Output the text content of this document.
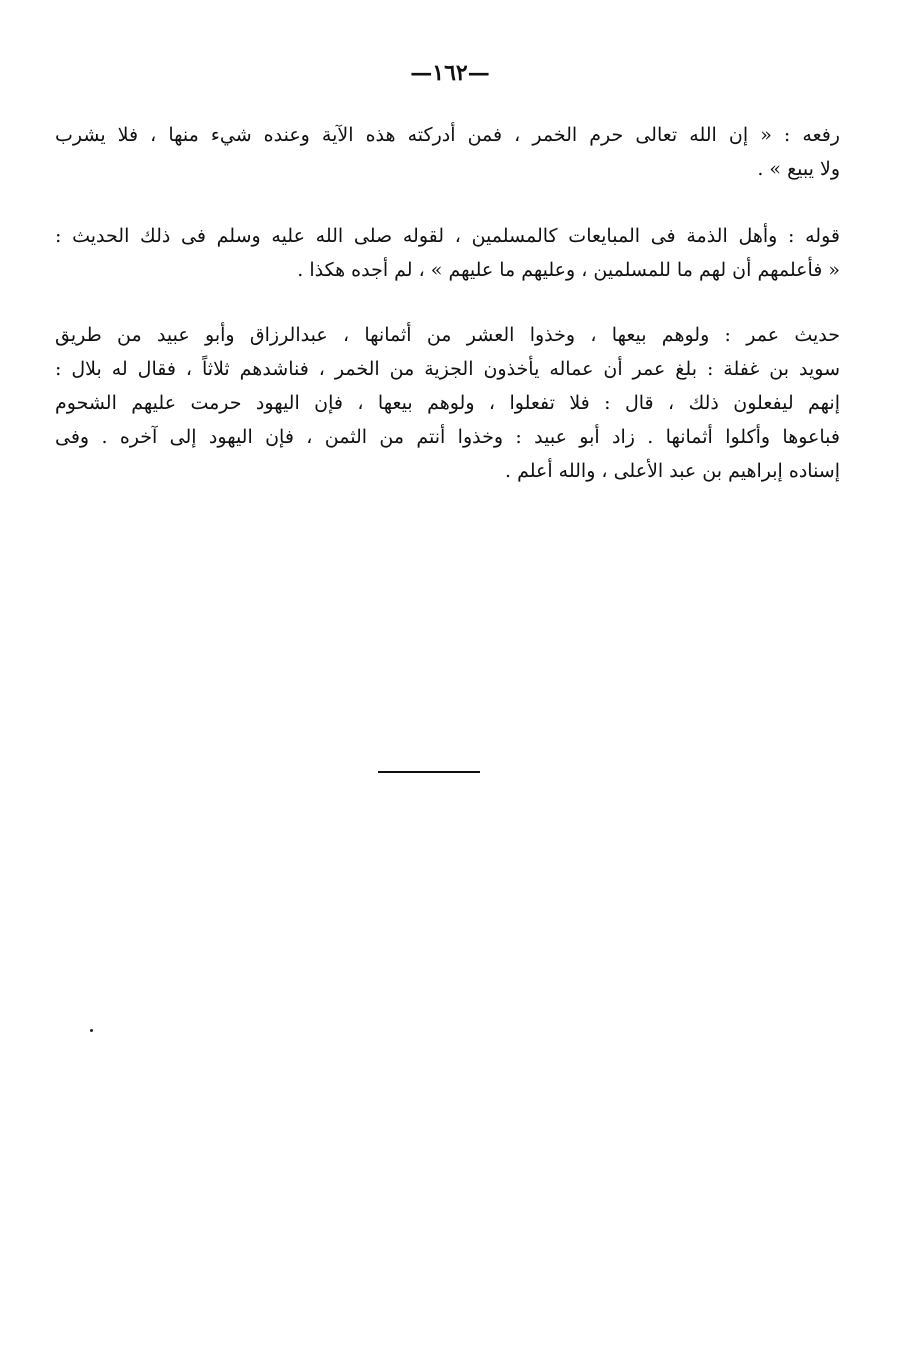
—١٦٢—
رفعه : « إن الله تعالى حرم الخمر ، فمن أدركته هذه الآية وعنده شيء منها ، فلا يشرب
ولا يبيع » .
قوله : وأهل الذمة فى المبايعات كالمسلمين ، لقوله صلى الله عليه وسلم فى ذلك الحديث :
« فأعلمهم أن لهم ما للمسلمين ، وعليهم ما عليهم » ، لم أجده هكذا .
حديث عمر : ولوهم بيعها ، وخذوا العشر من أثمانها ، عبدالرزاق وأبو عبيد من طريق
سويد بن غفلة : بلغ عمر أن عماله يأخذون الجزية من الخمر ، فناشدهم ثلاثاً ، فقال له بلال :
إنهم ليفعلون ذلك ، قال : فلا تفعلوا ، ولوهم بيعها ، فإن اليهود حرمت عليهم الشحوم
فباعوها وأكلوا أثمانها . زاد أبو عبيد : وخذوا أنتم من الثمن ، فإن اليهود إلى آخره . وفى
إسناده إبراهيم بن عبد الأعلى ، والله أعلم .
